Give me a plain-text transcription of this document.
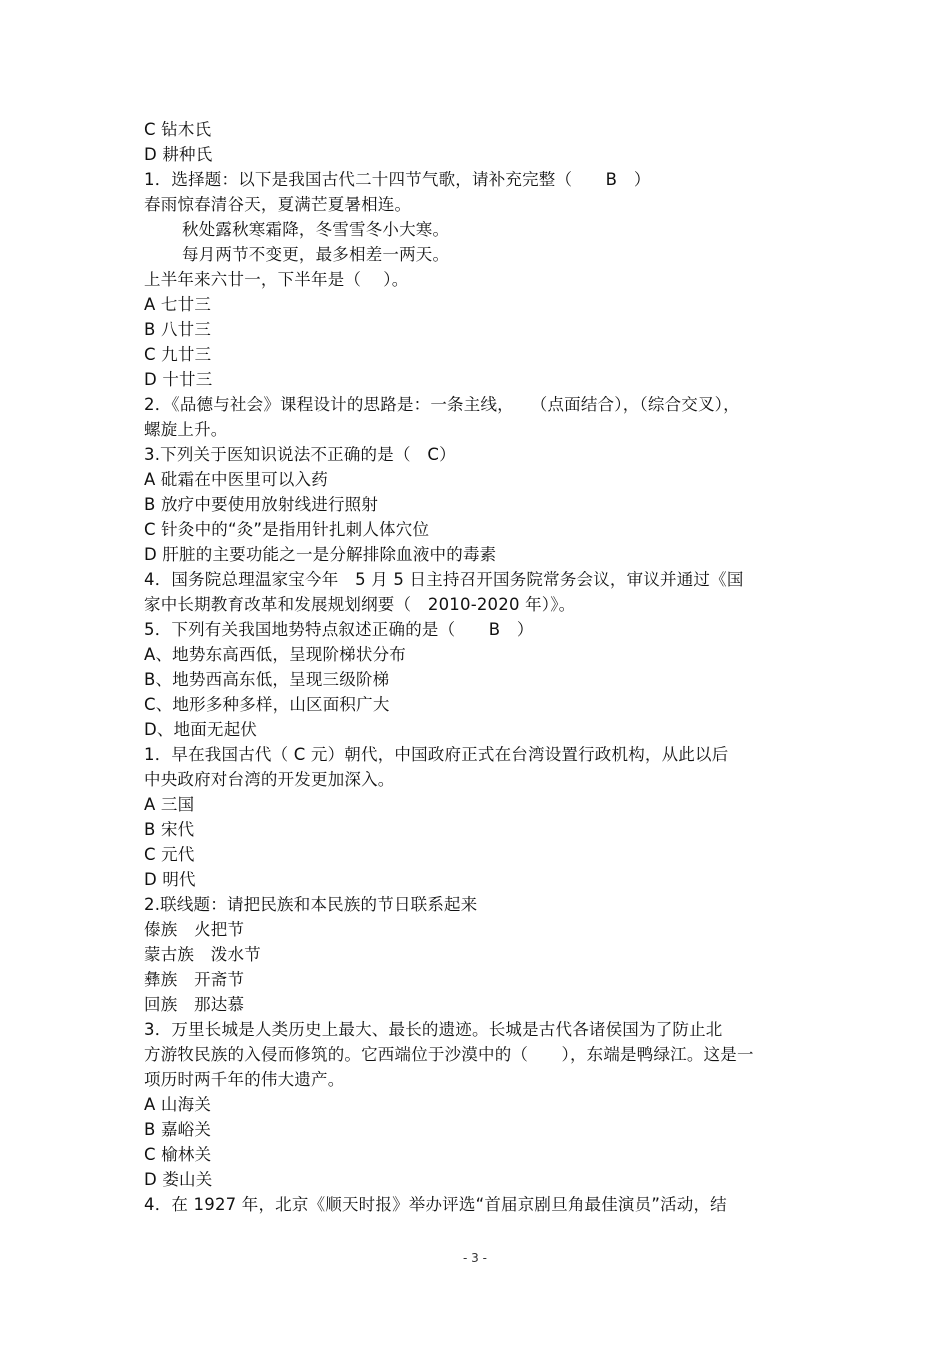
C 钻木氏
D 耕种氏
1．选择题：以下是我国古代二十四节气歌，请补充完整（　　B　）
春雨惊春清谷天，夏满芒夏暑相连。
秋处露秋寒霜降，冬雪雪冬小大寒。
每月两节不变更，最多相差一两天。
上半年来六廿一，下半年是（　 ）。
A 七廿三
B 八廿三
C 九廿三
D 十廿三
2．《品德与社会》课程设计的思路是：一条主线，　　（点面结合），（综合交叉），
螺旋上升。
3.下列关于医知识说法不正确的是（　C）
A 砒霜在中医里可以入药
B 放疗中要使用放射线进行照射
C 针灸中的“灸”是指用针扎刺人体穴位
D 肝脏的主要功能之一是分解排除血液中的毒素
4．国务院总理温家宝今年　5 月 5 日主持召开国务院常务会议，审议并通过《国
家中长期教育改革和发展规划纲要（　2010-2020 年）》。
5．下列有关我国地势特点叙述正确的是（　　B　）
A、地势东高西低，呈现阶梯状分布
B、地势西高东低，呈现三级阶梯
C、地形多种多样，山区面积广大
D、地面无起伏
1．早在我国古代（ C 元）朝代，中国政府正式在台湾设置行政机构，从此以后
中央政府对台湾的开发更加深入。
A 三国
B 宋代
C 元代
D 明代
2.联线题：请把民族和本民族的节日联系起来
傣族　火把节
蒙古族　泼水节
彝族　开斋节
回族　那达慕
3．万里长城是人类历史上最大、最长的遗迹。长城是古代各诸侯国为了防止北
方游牧民族的入侵而修筑的。它西端位于沙漠中的（　　），东端是鸭绿江。这是一
项历时两千年的伟大遗产。
A 山海关
B 嘉峪关
C 榆林关
D 娄山关
4．在 1927 年，北京《顺天时报》举办评选“首届京剧旦角最佳演员”活动，结
- 3 -
